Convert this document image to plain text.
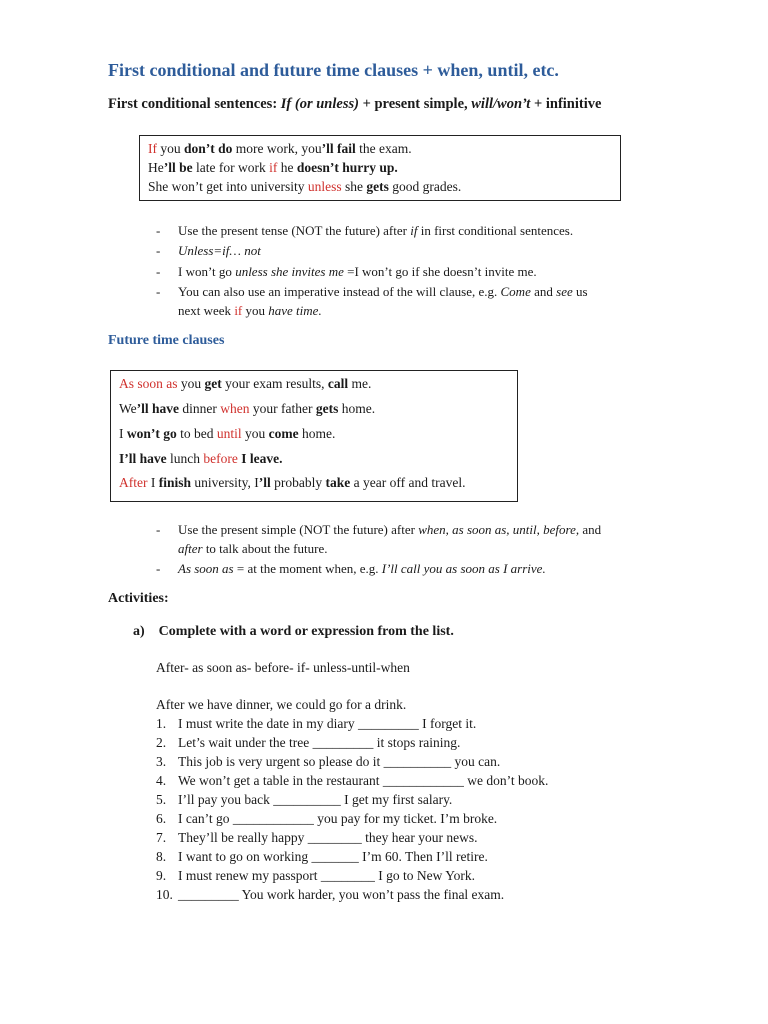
First conditional and future time clauses + when, until, etc.
First conditional sentences: If (or unless) + present simple, will/won’t + infinitive
If you don’t do more work, you’ll fail the exam.
He’ll be late for work if he doesn’t hurry up.
She won’t get into university unless she gets good grades.
- Use the present tense (NOT the future) after if in first conditional sentences.
- Unless=if… not
- I won’t go unless she invites me =I won’t go if she doesn’t invite me.
- You can also use an imperative instead of the will clause, e.g. Come and see us
next week if you have time.
Future time clauses
As soon as you get your exam results, call me.
We’ll have dinner when your father gets home.
I won’t go to bed until you come home.
I’ll have lunch before I leave.
After I finish university, I’ll probably take a year off and travel.
- Use the present simple (NOT the future) after when, as soon as, until, before, and
after to talk about the future.
- As soon as = at the moment when, e.g. I’ll call you as soon as I arrive.
Activities:
a) Complete with a word or expression from the list.
After- as soon as- before- if- unless-until-when
After we have dinner, we could go for a drink.
1. I must write the date in my diary _________ I forget it.
2. Let’s wait under the tree _________ it stops raining.
3. This job is very urgent so please do it __________ you can.
4. We won’t get a table in the restaurant ____________ we don’t book.
5. I’ll pay you back __________ I get my first salary.
6. I can’t go ____________ you pay for my ticket. I’m broke.
7. They’ll be really happy ________ they hear your news.
8. I want to go on working _______ I’m 60. Then I’ll retire.
9. I must renew my passport ________ I go to New York.
10. _________ You work harder, you won’t pass the final exam.
